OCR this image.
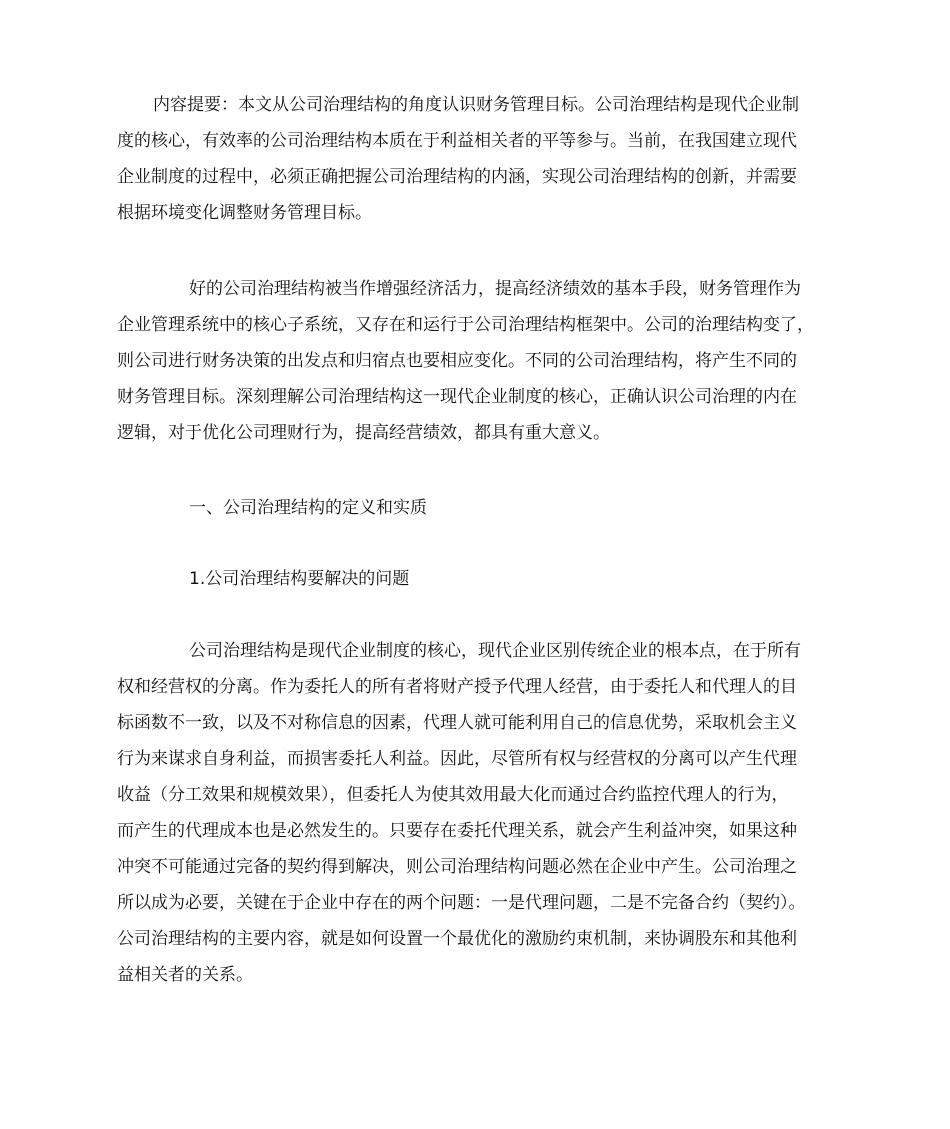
内容提要：本文从公司治理结构的角度认识财务管理目标。公司治理结构是现代企业制
度的核心，有效率的公司治理结构本质在于利益相关者的平等参与。当前，在我国建立现代
企业制度的过程中，必须正确把握公司治理结构的内涵，实现公司治理结构的创新，并需要
根据环境变化调整财务管理目标。
好的公司治理结构被当作增强经济活力，提高经济绩效的基本手段，财务管理作为
企业管理系统中的核心子系统，又存在和运行于公司治理结构框架中。公司的治理结构变了，
则公司进行财务决策的出发点和归宿点也要相应变化。不同的公司治理结构，将产生不同的
财务管理目标。深刻理解公司治理结构这一现代企业制度的核心，正确认识公司治理的内在
逻辑，对于优化公司理财行为，提高经营绩效，都具有重大意义。
一、公司治理结构的定义和实质
1.公司治理结构要解决的问题
公司治理结构是现代企业制度的核心，现代企业区别传统企业的根本点，在于所有
权和经营权的分离。作为委托人的所有者将财产授予代理人经营，由于委托人和代理人的目
标函数不一致，以及不对称信息的因素，代理人就可能利用自己的信息优势，采取机会主义
行为来谋求自身利益，而损害委托人利益。因此，尽管所有权与经营权的分离可以产生代理
收益（分工效果和规模效果），但委托人为使其效用最大化而通过合约监控代理人的行为，
而产生的代理成本也是必然发生的。只要存在委托代理关系，就会产生利益冲突，如果这种
冲突不可能通过完备的契约得到解决，则公司治理结构问题必然在企业中产生。公司治理之
所以成为必要，关键在于企业中存在的两个问题：一是代理问题，二是不完备合约（契约）。
公司治理结构的主要内容，就是如何设置一个最优化的激励约束机制，来协调股东和其他利
益相关者的关系。
